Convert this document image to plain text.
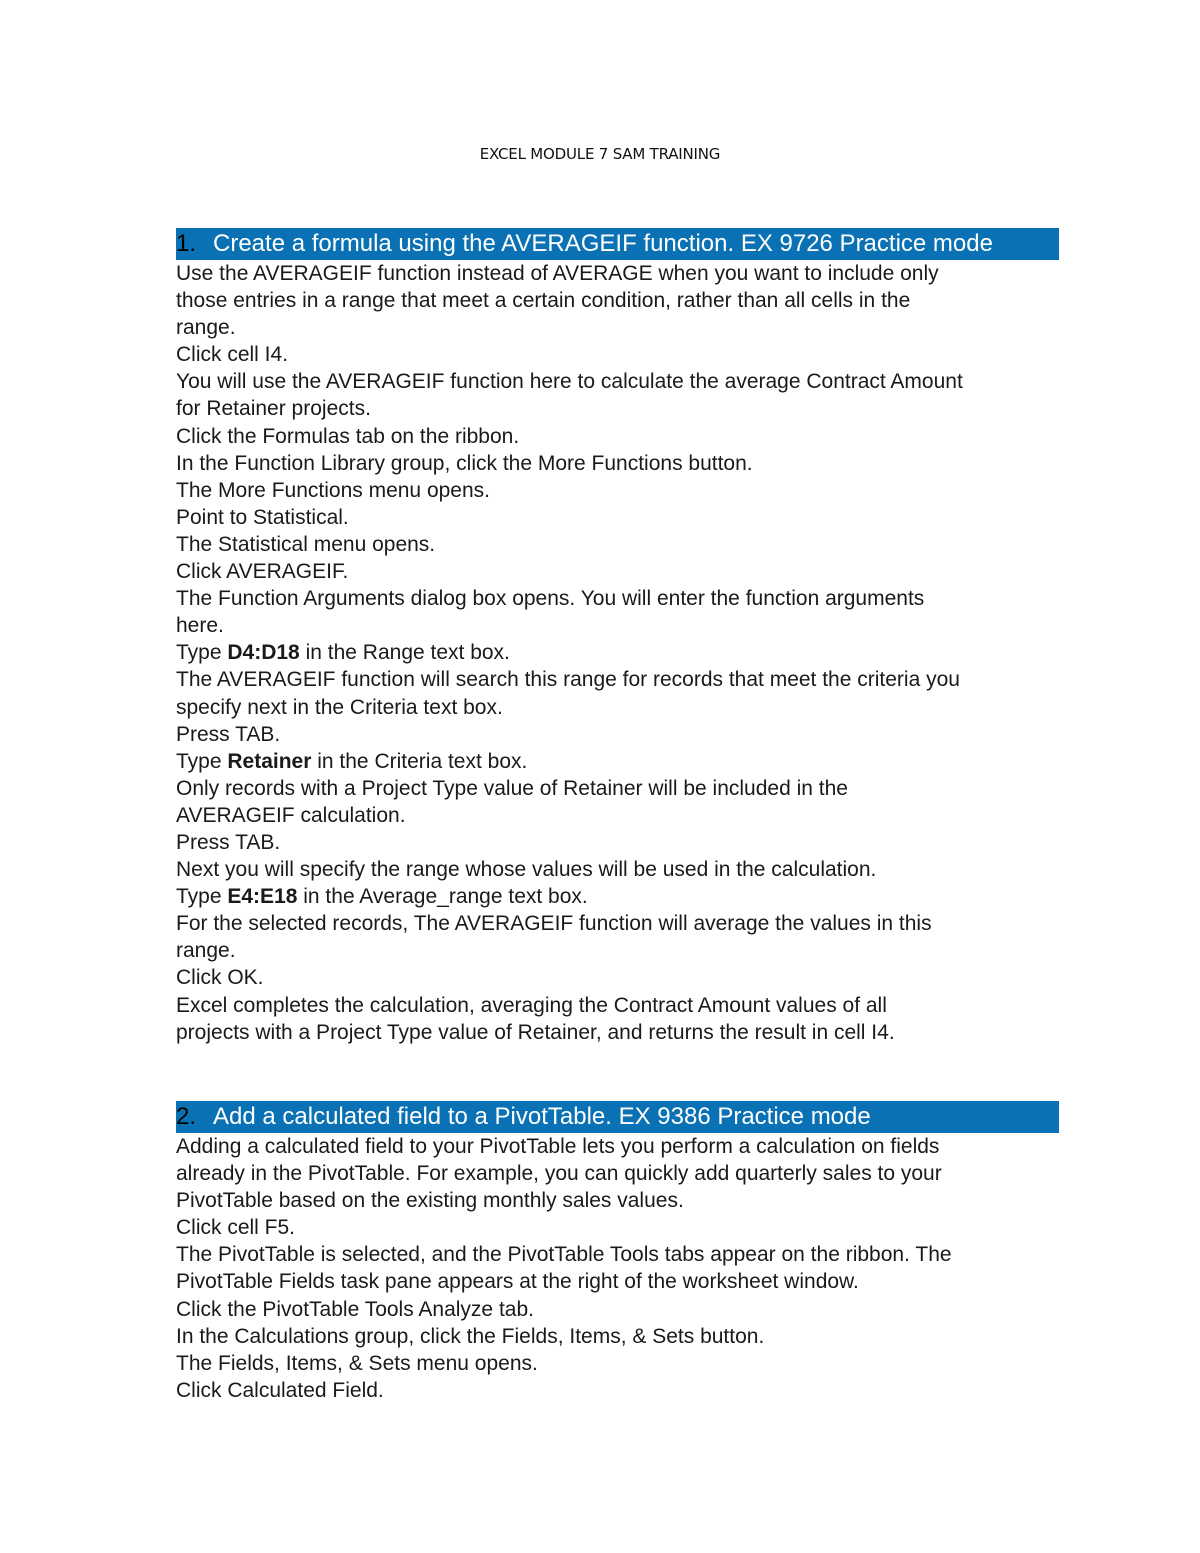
EXCEL MODULE 7 SAM TRAINING
1. Create a formula using the AVERAGEIF function. EX 9726 Practice mode
Use the AVERAGEIF function instead of AVERAGE when you want to include only
those entries in a range that meet a certain condition, rather than all cells in the
range.
Click cell I4.
You will use the AVERAGEIF function here to calculate the average Contract Amount
for Retainer projects.
Click the Formulas tab on the ribbon.
In the Function Library group, click the More Functions button.
The More Functions menu opens.
Point to Statistical.
The Statistical menu opens.
Click AVERAGEIF.
The Function Arguments dialog box opens. You will enter the function arguments
here.
Type D4:D18 in the Range text box.
The AVERAGEIF function will search this range for records that meet the criteria you
specify next in the Criteria text box.
Press TAB.
Type Retainer in the Criteria text box.
Only records with a Project Type value of Retainer will be included in the
AVERAGEIF calculation.
Press TAB.
Next you will specify the range whose values will be used in the calculation.
Type E4:E18 in the Average_range text box.
For the selected records, The AVERAGEIF function will average the values in this
range.
Click OK.
Excel completes the calculation, averaging the Contract Amount values of all
projects with a Project Type value of Retainer, and returns the result in cell I4.
2. Add a calculated field to a PivotTable. EX 9386 Practice mode
Adding a calculated field to your PivotTable lets you perform a calculation on fields
already in the PivotTable. For example, you can quickly add quarterly sales to your
PivotTable based on the existing monthly sales values.
Click cell F5.
The PivotTable is selected, and the PivotTable Tools tabs appear on the ribbon. The
PivotTable Fields task pane appears at the right of the worksheet window.
Click the PivotTable Tools Analyze tab.
In the Calculations group, click the Fields, Items, & Sets button.
The Fields, Items, & Sets menu opens.
Click Calculated Field.
